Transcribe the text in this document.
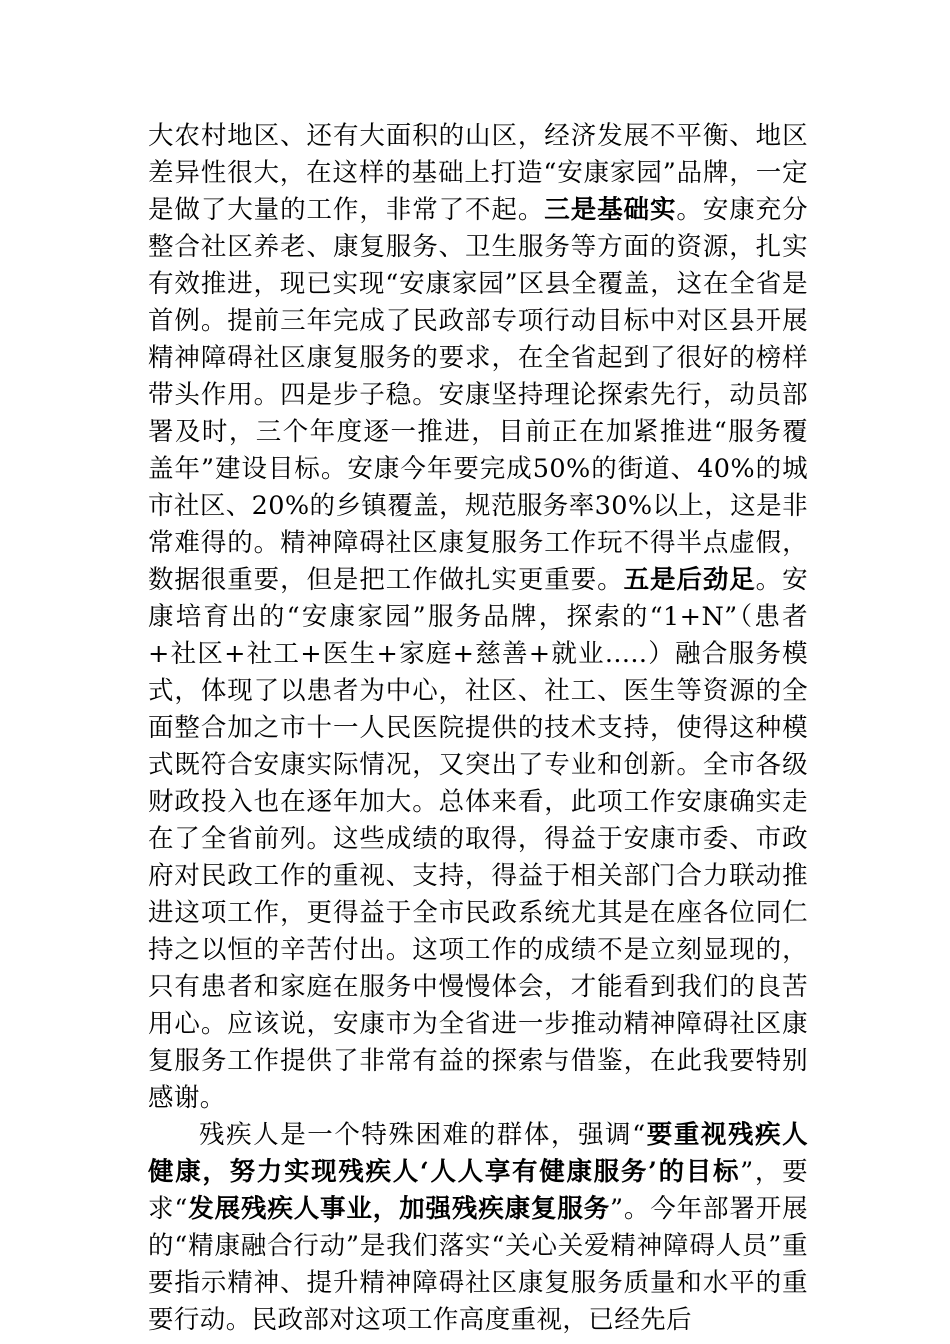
大农村地区、还有大面积的山区，经济发展不平衡、地区差异性很大，在这样的基础上打造“安康家园”品牌，一定是做了大量的工作，非常了不起。三是基础实。安康充分整合社区养老、康复服务、卫生服务等方面的资源，扎实有效推进，现已实现“安康家园”区县全覆盖，这在全省是首例。提前三年完成了民政部专项行动目标中对区县开展精神障碍社区康复服务的要求，在全省起到了很好的榜样带头作用。四是步子稳。安康坚持理论探索先行，动员部署及时，三个年度逐一推进，目前正在加紧推进“服务覆盖年”建设目标。安康今年要完成50%的街道、40%的城市社区、20%的乡镇覆盖，规范服务率30%以上，这是非常难得的。精神障碍社区康复服务工作玩不得半点虚假，数据很重要，但是把工作做扎实更重要。五是后劲足。安康培育出的“安康家园”服务品牌，探索的“1+N”（患者+社区+社工+医生+家庭+慈善+就业.....）融合服务模式，体现了以患者为中心，社区、社工、医生等资源的全面整合加之市十一人民医院提供的技术支持，使得这种模式既符合安康实际情况，又突出了专业和创新。全市各级财政投入也在逐年加大。总体来看，此项工作安康确实走在了全省前列。这些成绩的取得，得益于安康市委、市政府对民政工作的重视、支持，得益于相关部门合力联动推进这项工作，更得益于全市民政系统尤其是在座各位同仁持之以恒的辛苦付出。这项工作的成绩不是立刻显现的，只有患者和家庭在服务中慢慢体会，才能看到我们的良苦用心。应该说，安康市为全省进一步推动精神障碍社区康复服务工作提供了非常有益的探索与借鉴，在此我要特别感谢。

残疾人是一个特殊困难的群体，强调“要重视残疾人健康，努力实现残疾人‘人人享有健康服务’的目标”，要求“发展残疾人事业，加强残疾康复服务”。今年部署开展的“精康融合行动”是我们落实“关心关爱精神障碍人员”重要指示精神、提升精神障碍社区康复服务质量和水平的重要行动。民政部对这项工作高度重视，已经先后
